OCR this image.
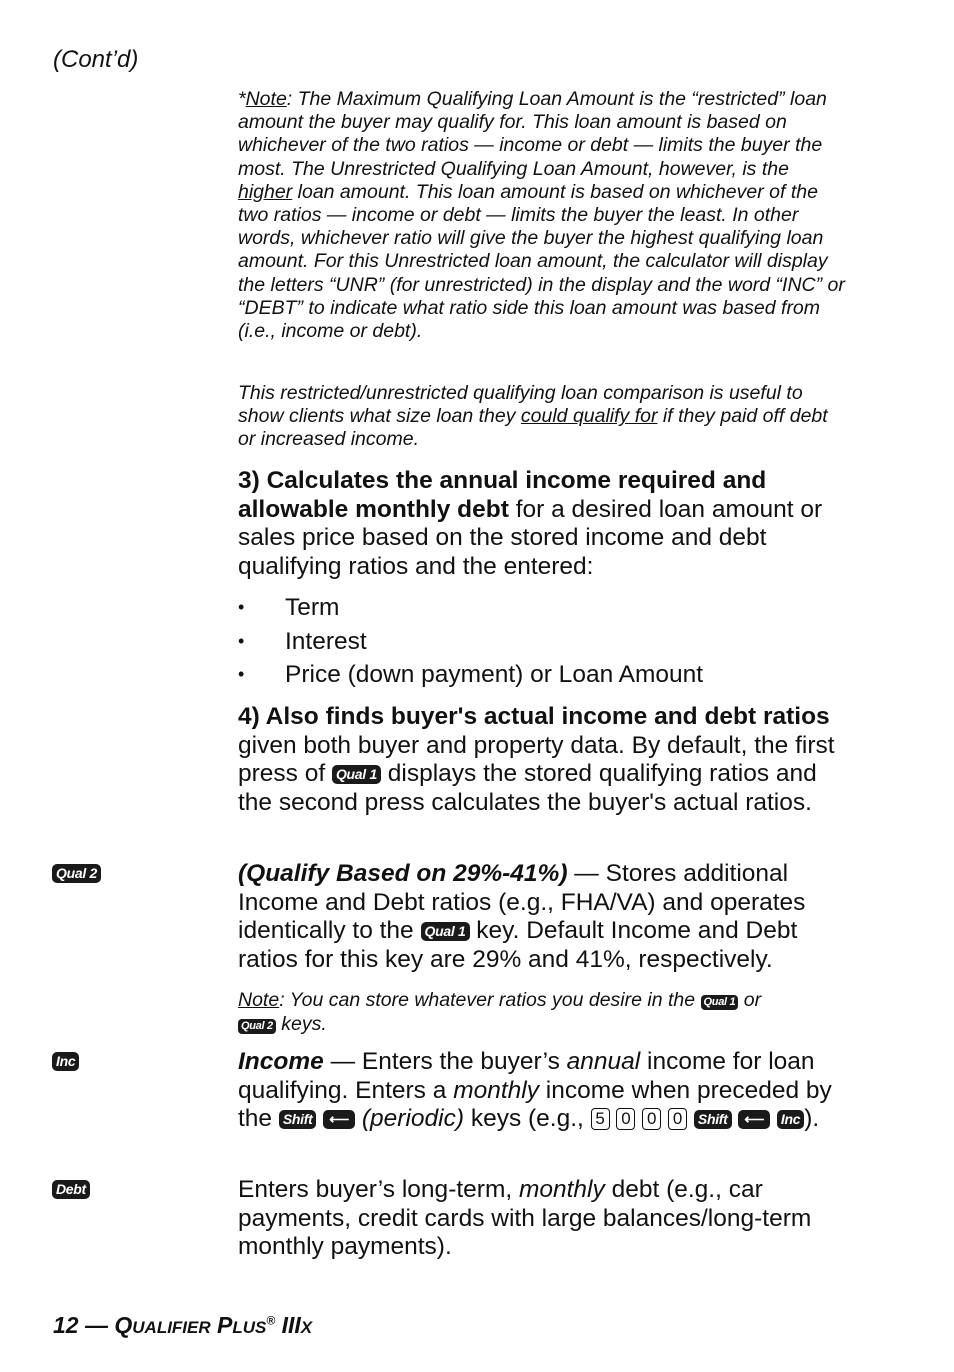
(Cont’d)

*Note: The Maximum Qualifying Loan Amount is the “restricted” loan amount the buyer may qualify for. This loan amount is based on whichever of the two ratios — income or debt — limits the buyer the most. The Unrestricted Qualifying Loan Amount, however, is the higher loan amount. This loan amount is based on whichever of the two ratios — income or debt — limits the buyer the least. In other words, whichever ratio will give the buyer the highest qualifying loan amount. For this Unrestricted loan amount, the calculator will display the letters “UNR” (for unrestricted) in the display and the word “INC” or “DEBT” to indicate what ratio side this loan amount was based from (i.e., income or debt).

This restricted/unrestricted qualifying loan comparison is useful to show clients what size loan they could qualify for if they paid off debt or increased income.

3) Calculates the annual income required and allowable monthly debt for a desired loan amount or sales price based on the stored income and debt qualifying ratios and the entered:

• Term
• Interest
• Price (down payment) or Loan Amount

4) Also finds buyer's actual income and debt ratios given both buyer and property data. By default, the first press of Qual 1 displays the stored qualifying ratios and the second press calculates the buyer's actual ratios.

Qual 2	(Qualify Based on 29%-41%) — Stores additional Income and Debt ratios (e.g., FHA/VA) and operates identically to the Qual 1 key. Default Income and Debt ratios for this key are 29% and 41%, respectively.

Note: You can store whatever ratios you desire in the Qual 1 or
Qual 2 keys.

Inc	Income — Enters the buyer’s annual income for loan qualifying. Enters a monthly income when preceded by the Shift ⟵ (periodic) keys (e.g., 5 0 0 0 Shift ⟵ Inc ).

Debt	Enters buyer’s long-term, monthly debt (e.g., car payments, credit cards with large balances/long-term monthly payments).

12 — QUALIFIER PLUS® IIIX
